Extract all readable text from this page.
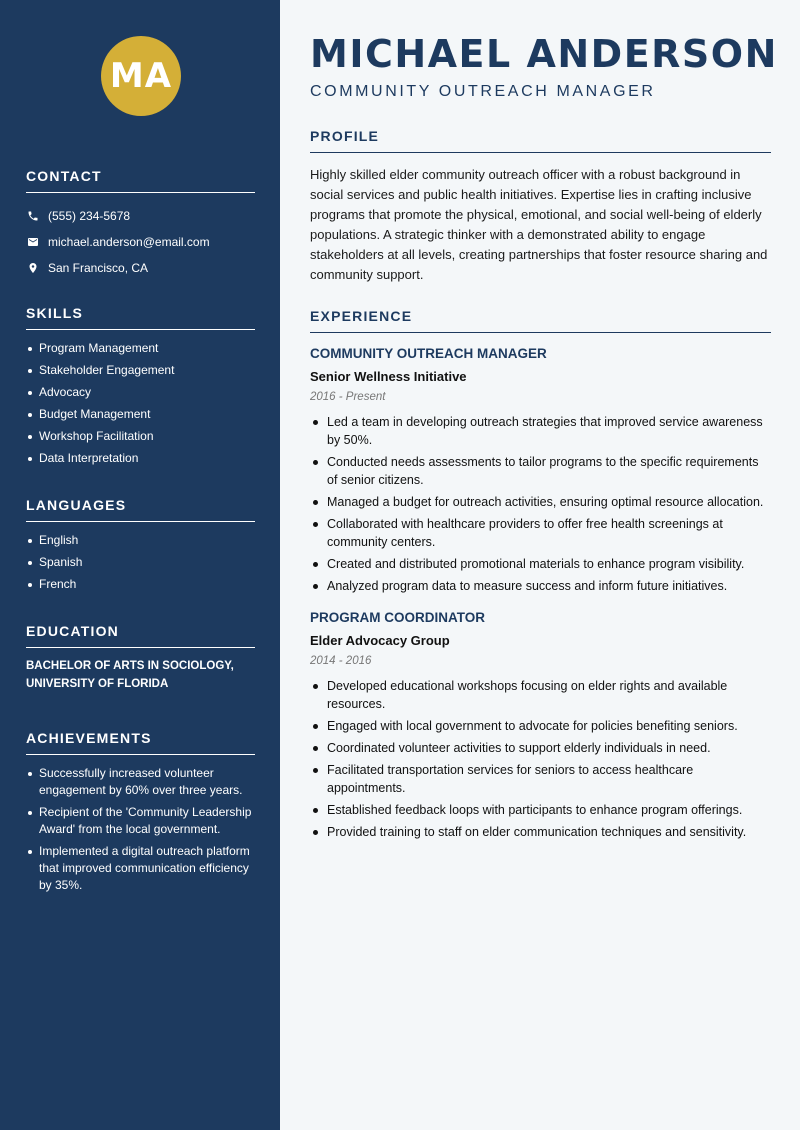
MA
CONTACT
(555) 234-5678
michael.anderson@email.com
San Francisco, CA
SKILLS
Program Management
Stakeholder Engagement
Advocacy
Budget Management
Workshop Facilitation
Data Interpretation
LANGUAGES
English
Spanish
French
EDUCATION
BACHELOR OF ARTS IN SOCIOLOGY,
UNIVERSITY OF FLORIDA
ACHIEVEMENTS
Successfully increased volunteer engagement by 60% over three years.
Recipient of the 'Community Leadership Award' from the local government.
Implemented a digital outreach platform that improved communication efficiency by 35%.
MICHAEL ANDERSON
COMMUNITY OUTREACH MANAGER
PROFILE

Highly skilled elder community outreach officer with a robust background in social services and public health initiatives. Expertise lies in crafting inclusive programs that promote the physical, emotional, and social well-being of elderly populations. A strategic thinker with a demonstrated ability to engage stakeholders at all levels, creating partnerships that foster resource sharing and community support.

EXPERIENCE
COMMUNITY OUTREACH MANAGER
Senior Wellness Initiative
2016 - Present
Led a team in developing outreach strategies that improved service awareness by 50%.
Conducted needs assessments to tailor programs to the specific requirements of senior citizens.
Managed a budget for outreach activities, ensuring optimal resource allocation.
Collaborated with healthcare providers to offer free health screenings at community centers.
Created and distributed promotional materials to enhance program visibility.
Analyzed program data to measure success and inform future initiatives.
PROGRAM COORDINATOR
Elder Advocacy Group
2014 - 2016
Developed educational workshops focusing on elder rights and available resources.
Engaged with local government to advocate for policies benefiting seniors.
Coordinated volunteer activities to support elderly individuals in need.
Facilitated transportation services for seniors to access healthcare appointments.
Established feedback loops with participants to enhance program offerings.
Provided training to staff on elder communication techniques and sensitivity.
